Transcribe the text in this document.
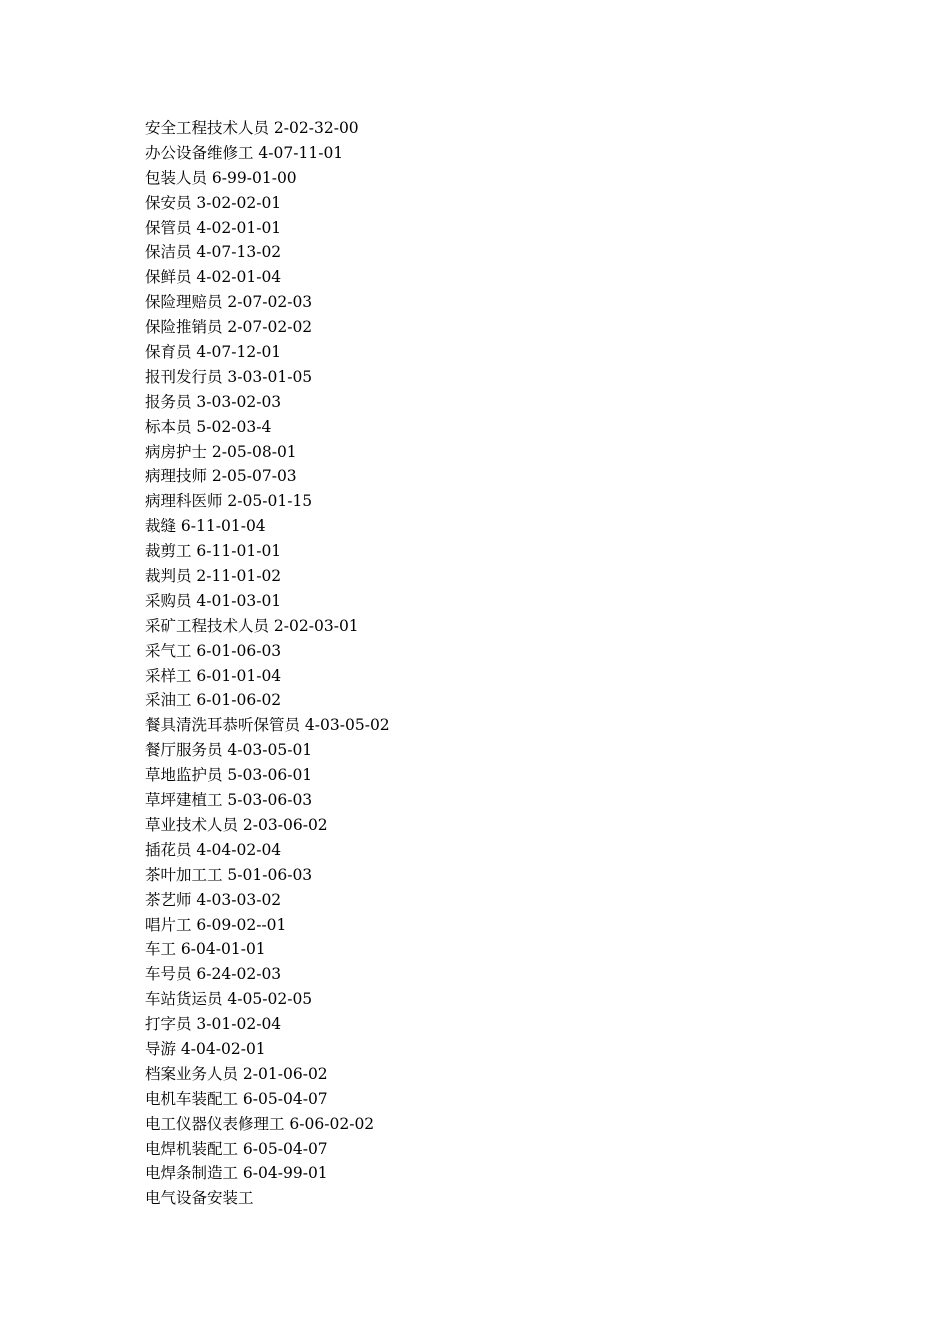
安全工程技术人员 2-02-32-00
办公设备维修工 4-07-11-01
包装人员 6-99-01-00
保安员 3-02-02-01
保管员 4-02-01-01
保洁员 4-07-13-02
保鲜员 4-02-01-04
保险理赔员 2-07-02-03
保险推销员 2-07-02-02
保育员 4-07-12-01
报刊发行员 3-03-01-05
报务员 3-03-02-03
标本员 5-02-03-4
病房护士 2-05-08-01
病理技师 2-05-07-03
病理科医师 2-05-01-15
裁缝 6-11-01-04
裁剪工 6-11-01-01
裁判员 2-11-01-02
采购员 4-01-03-01
采矿工程技术人员 2-02-03-01
采气工 6-01-06-03
采样工 6-01-01-04
采油工 6-01-06-02
餐具清洗耳恭听保管员 4-03-05-02
餐厅服务员 4-03-05-01
草地监护员 5-03-06-01
草坪建植工 5-03-06-03
草业技术人员 2-03-06-02
插花员 4-04-02-04
茶叶加工工 5-01-06-03
茶艺师 4-03-03-02
唱片工 6-09-02--01
车工 6-04-01-01
车号员 6-24-02-03
车站货运员 4-05-02-05
打字员 3-01-02-04
导游 4-04-02-01
档案业务人员 2-01-06-02
电机车装配工 6-05-04-07
电工仪器仪表修理工 6-06-02-02
电焊机装配工 6-05-04-07
电焊条制造工 6-04-99-01
电气设备安装工
